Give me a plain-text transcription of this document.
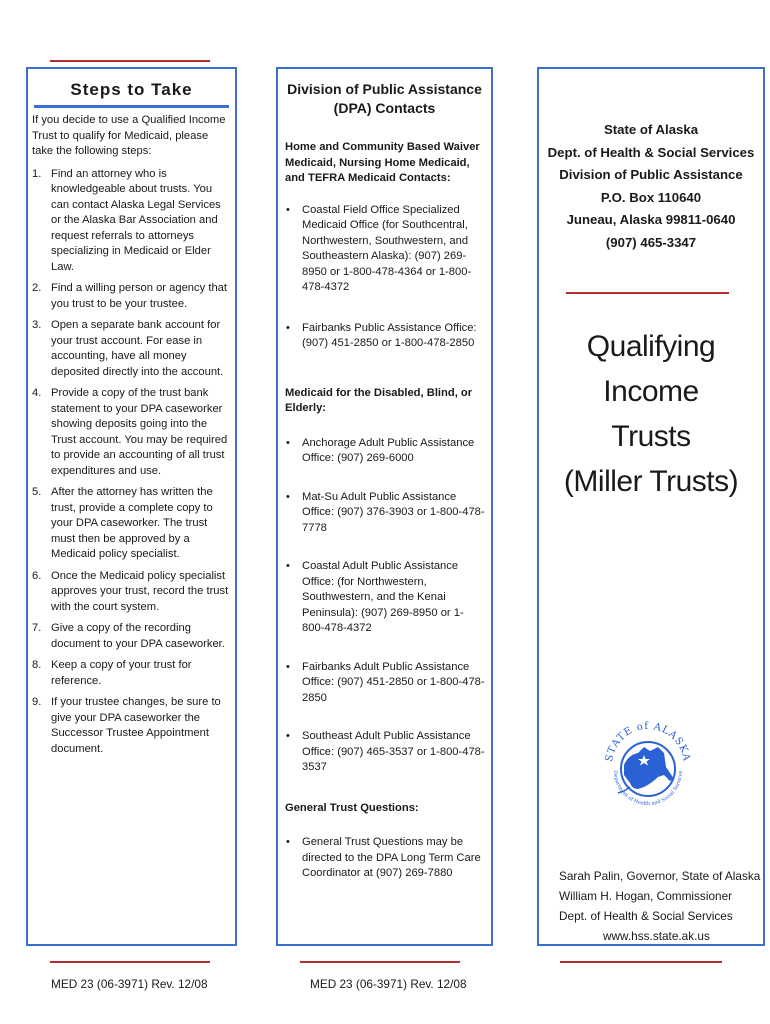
Steps to Take
If you decide to use a Qualified Income Trust to qualify for Medicaid, please take the following steps:
1. Find an attorney who is knowledgeable about trusts. You can contact Alaska Legal Services or the Alaska Bar Association and request referrals to attorneys specializing in Medicaid or Elder Law.
2. Find a willing person or agency that you trust to be your trustee.
3. Open a separate bank account for your trust account. For ease in accounting, have all money deposited directly into the account.
4. Provide a copy of the trust bank statement to your DPA caseworker showing deposits going into the Trust account. You may be required to provide an accounting of all trust expenditures and use.
5. After the attorney has written the trust, provide a complete copy to your DPA caseworker. The trust must then be approved by a Medicaid policy specialist.
6. Once the Medicaid policy specialist approves your trust, record the trust with the court system.
7. Give a copy of the recording document to your DPA caseworker.
8. Keep a copy of your trust for reference.
9. If your trustee changes, be sure to give your DPA caseworker the Successor Trustee Appointment document.
Division of Public Assistance (DPA) Contacts
Home and Community Based Waiver Medicaid, Nursing Home Medicaid, and TEFRA Medicaid Contacts:
• Coastal Field Office Specialized Medicaid Office (for Southcentral, Northwestern, Southwestern, and Southeastern Alaska): (907) 269-8950 or 1-800-478-4364 or 1-800-478-4372
• Fairbanks Public Assistance Office: (907) 451-2850 or 1-800-478-2850
Medicaid for the Disabled, Blind, or Elderly:
• Anchorage Adult Public Assistance Office: (907) 269-6000
• Mat-Su Adult Public Assistance Office: (907) 376-3903 or 1-800-478-7778
• Coastal Adult Public Assistance Office: (for Northwestern, Southwestern, and the Kenai Peninsula): (907) 269-8950 or 1-800-478-4372
• Fairbanks Adult Public Assistance Office: (907) 451-2850 or 1-800-478-2850
• Southeast Adult Public Assistance Office: (907) 465-3537 or 1-800-478-3537
General Trust Questions:
• General Trust Questions may be directed to the DPA Long Term Care Coordinator at (907) 269-7880
State of Alaska
Dept. of Health & Social Services
Division of Public Assistance
P.O. Box 110640
Juneau, Alaska 99811-0640
(907) 465-3347
Qualifying Income
Trusts
(Miller Trusts)
STATE of ALASKA
Department of Health and Social Services
Sarah Palin, Governor, State of Alaska
William H. Hogan, Commissioner
Dept. of Health & Social Services
www.hss.state.ak.us
MED 23 (06-3971) Rev. 12/08	MED 23 (06-3971) Rev. 12/08
